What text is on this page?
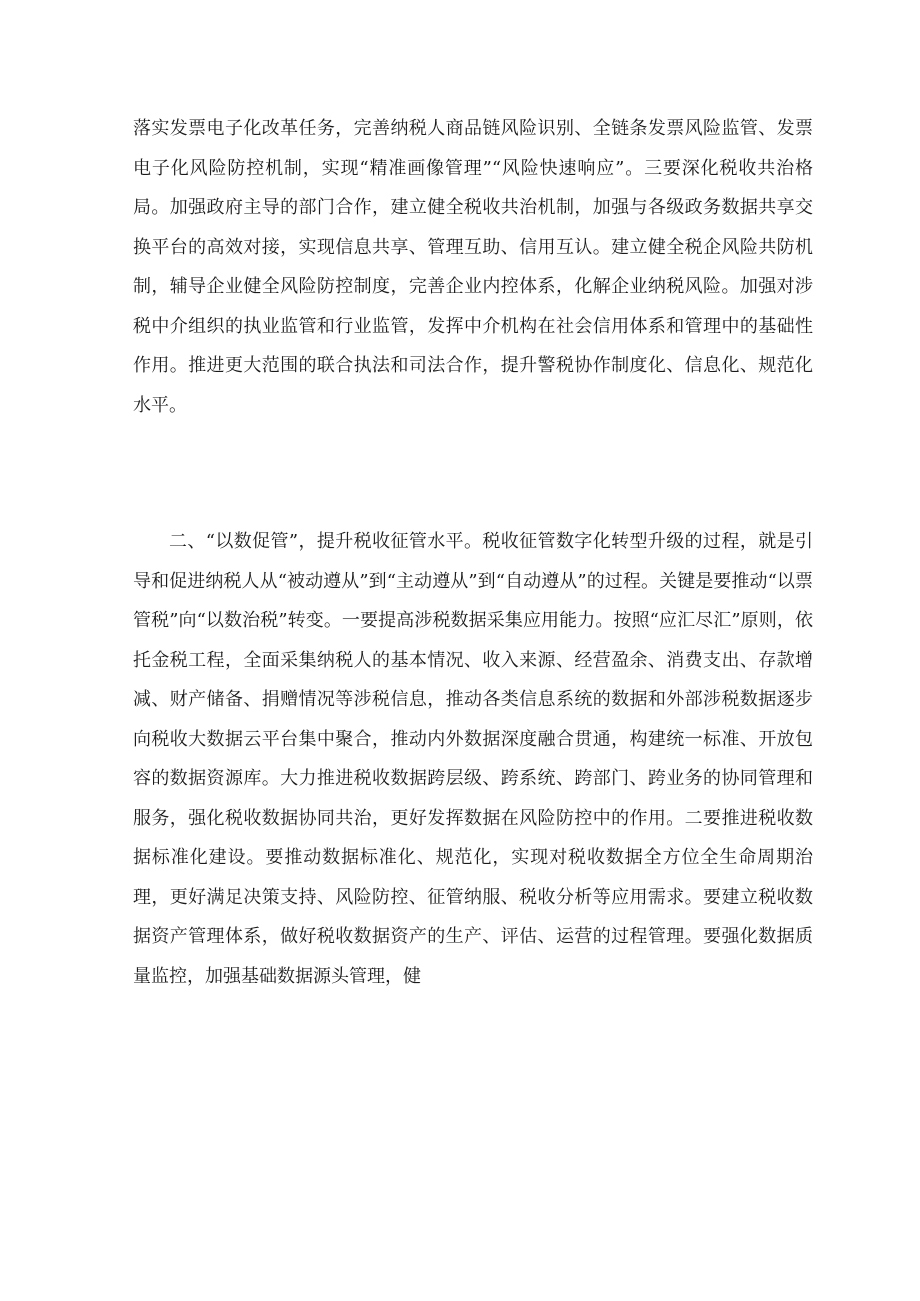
落实发票电子化改革任务，完善纳税人商品链风险识别、全链条发票风险监管、发票电子化风险防控机制，实现“精准画像管理”“风险快速响应”。三要深化税收共治格局。加强政府主导的部门合作，建立健全税收共治机制，加强与各级政务数据共享交换平台的高效对接，实现信息共享、管理互助、信用互认。建立健全税企风险共防机制，辅导企业健全风险防控制度，完善企业内控体系，化解企业纳税风险。加强对涉税中介组织的执业监管和行业监管，发挥中介机构在社会信用体系和管理中的基础性作用。推进更大范围的联合执法和司法合作，提升警税协作制度化、信息化、规范化水平。

二、“以数促管”，提升税收征管水平。税收征管数字化转型升级的过程，就是引导和促进纳税人从“被动遵从”到“主动遵从”到“自动遵从”的过程。关键是要推动“以票管税”向“以数治税”转变。一要提高涉税数据采集应用能力。按照“应汇尽汇”原则，依托金税工程，全面采集纳税人的基本情况、收入来源、经营盈余、消费支出、存款增减、财产储备、捐赠情况等涉税信息，推动各类信息系统的数据和外部涉税数据逐步向税收大数据云平台集中聚合，推动内外数据深度融合贯通，构建统一标准、开放包容的数据资源库。大力推进税收数据跨层级、跨系统、跨部门、跨业务的协同管理和服务，强化税收数据协同共治，更好发挥数据在风险防控中的作用。二要推进税收数据标准化建设。要推动数据标准化、规范化，实现对税收数据全方位全生命周期治理，更好满足决策支持、风险防控、征管纳服、税收分析等应用需求。要建立税收数据资产管理体系，做好税收数据资产的生产、评估、运营的过程管理。要强化数据质量监控，加强基础数据源头管理，健
